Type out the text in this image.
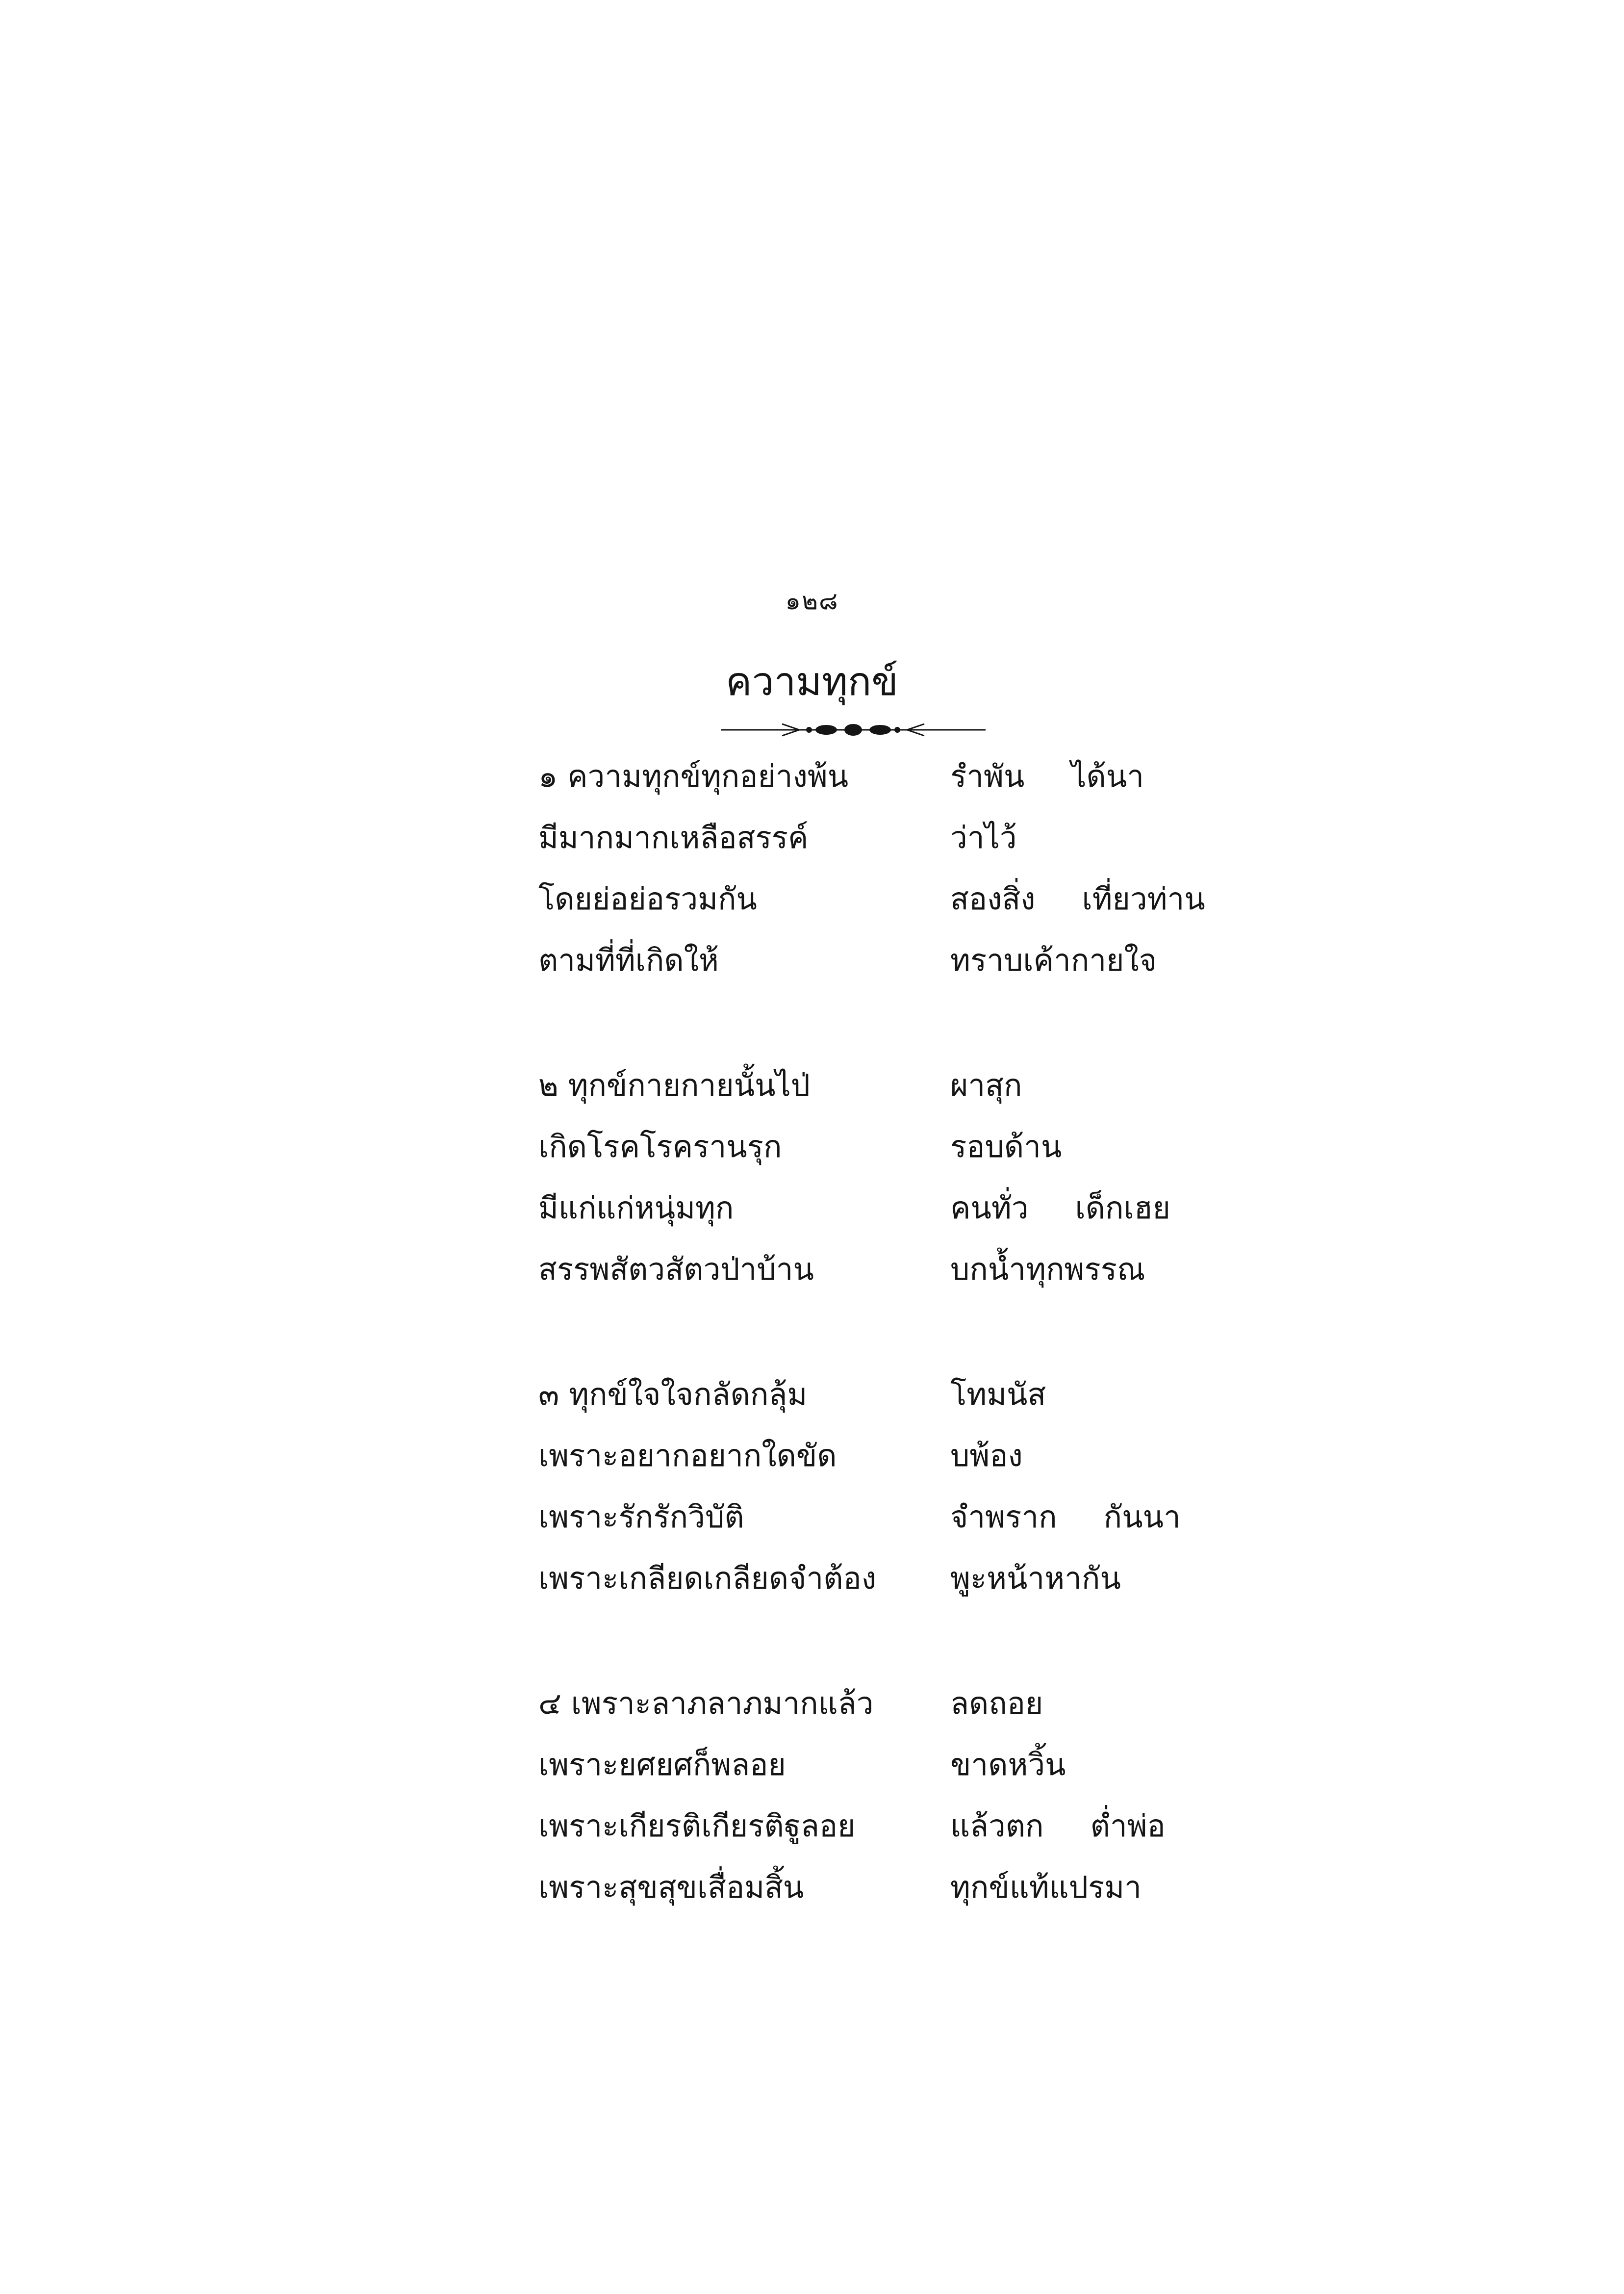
๑๒๘
ความทุกข์
๑ ความทุกข์ทุกอย่างพ้น	รำพัน ได้นา
มีมากมากเหลือสรรค์	ว่าไว้
โดยย่อย่อรวมกัน	สองสิ่ง เที่ยวท่าน
ตามที่ที่เกิดให้	ทราบเค้ากายใจ
๒ ทุกข์กายกายนั้นไป่	ผาสุก
เกิดโรคโรครานรุก	รอบด้าน
มีแก่แก่หนุ่มทุก	คนทั่ว เด็กเฮย
สรรพสัตวสัตวป่าบ้าน	บกน้ำทุกพรรณ
๓ ทุกข์ใจใจกลัดกลุ้ม	โทมนัส
เพราะอยากอยากใดขัด	บพ้อง
เพราะรักรักวิบัติ	จำพราก กันนา
เพราะเกลียดเกลียดจำต้อง พูะหน้าหากัน
๔ เพราะลาภลาภมากแล้ว	ลดถอย
เพราะยศยศก็พลอย	ขาดหวิ้น
เพราะเกียรติเกียรติฐูลอย	แล้วตก ต่ำพ่อ
เพราะสุขสุขเสื่อมสิ้น	ทุกข์แท้แปรมา
